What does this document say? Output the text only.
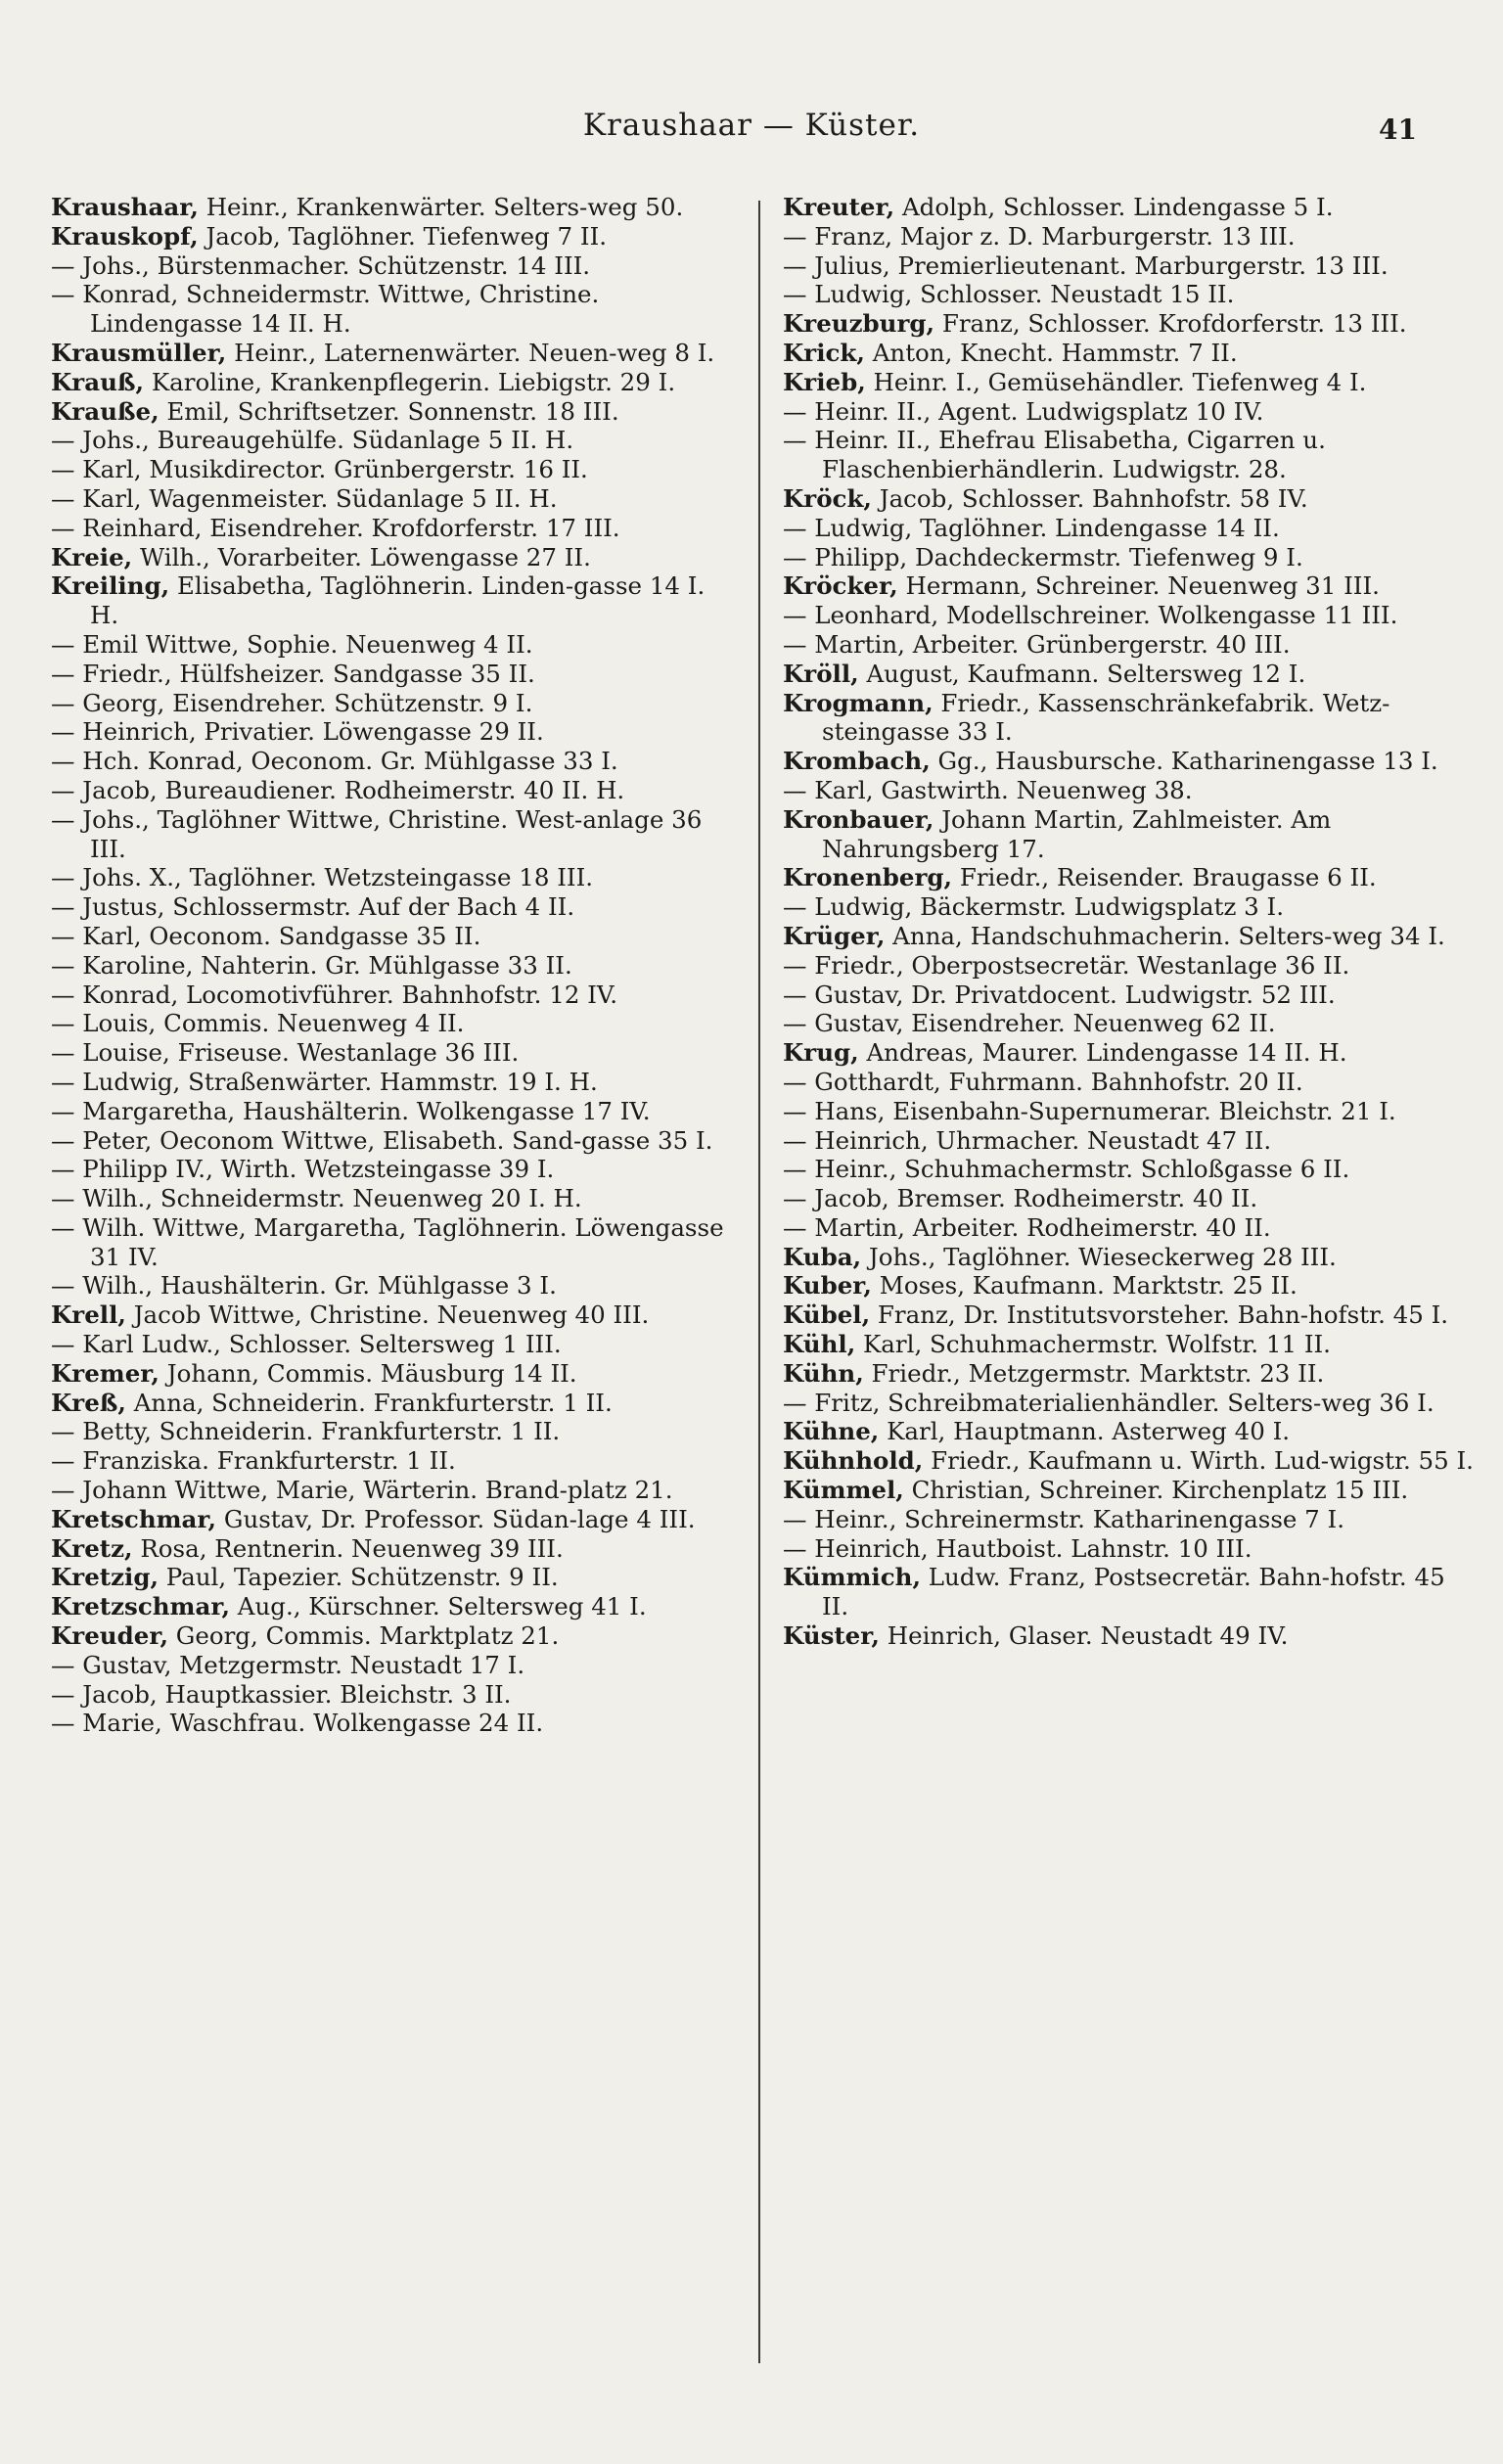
Kraushaar — Küster.	41

Kraushaar, Heinr., Krankenwärter. Selters-weg 50.

Krauskopf, Jacob, Taglöhner. Tiefenweg 7 II.

— Johs., Bürstenmacher. Schützenstr. 14 III.

— Konrad, Schneidermstr. Wittwe, Christine. Lindengasse 14 II. H.

Krausmüller, Heinr., Laternenwärter. Neuen-weg 8 I.

Krauß, Karoline, Krankenpflegerin. Liebigstr. 29 I.

Krauße, Emil, Schriftsetzer. Sonnenstr. 18 III.

— Johs., Bureaugehülfe. Südanlage 5 II. H.

— Karl, Musikdirector. Grünbergerstr. 16 II.

— Karl, Wagenmeister. Südanlage 5 II. H.

— Reinhard, Eisendreher. Krofdorferstr. 17 III.

Kreie, Wilh., Vorarbeiter. Löwengasse 27 II.

Kreiling, Elisabetha, Taglöhnerin. Linden-gasse 14 I. H.

— Emil Wittwe, Sophie. Neuenweg 4 II.

— Friedr., Hülfsheizer. Sandgasse 35 II.

— Georg, Eisendreher. Schützenstr. 9 I.

— Heinrich, Privatier. Löwengasse 29 II.

— Hch. Konrad, Oeconom. Gr. Mühlgasse 33 I.

— Jacob, Bureaudiener. Rodheimerstr. 40 II. H.

— Johs., Taglöhner Wittwe, Christine. West-anlage 36 III.

— Johs. X., Taglöhner. Wetzsteingasse 18 III.

— Justus, Schlossermstr. Auf der Bach 4 II.

— Karl, Oeconom. Sandgasse 35 II.

— Karoline, Nahterin. Gr. Mühlgasse 33 II.

— Konrad, Locomotivführer. Bahnhofstr. 12 IV.

— Louis, Commis. Neuenweg 4 II.

— Louise, Friseuse. Westanlage 36 III.

— Ludwig, Straßenwärter. Hammstr. 19 I. H.

— Margaretha, Haushälterin. Wolkengasse 17 IV.

— Peter, Oeconom Wittwe, Elisabeth. Sand-gasse 35 I.

— Philipp IV., Wirth. Wetzsteingasse 39 I.

— Wilh., Schneidermstr. Neuenweg 20 I. H.

— Wilh. Wittwe, Margaretha, Taglöhnerin. Löwengasse 31 IV.

— Wilh., Haushälterin. Gr. Mühlgasse 3 I.

Krell, Jacob Wittwe, Christine. Neuenweg 40 III.

— Karl Ludw., Schlosser. Seltersweg 1 III.

Kremer, Johann, Commis. Mäusburg 14 II.

Kreß, Anna, Schneiderin. Frankfurterstr. 1 II.

— Betty, Schneiderin. Frankfurterstr. 1 II.

— Franziska. Frankfurterstr. 1 II.

— Johann Wittwe, Marie, Wärterin. Brand-platz 21.

Kretschmar, Gustav, Dr. Professor. Südan-lage 4 III.

Kretz, Rosa, Rentnerin. Neuenweg 39 III.

Kretzig, Paul, Tapezier. Schützenstr. 9 II.

Kretzschmar, Aug., Kürschner. Seltersweg 41 I.

Kreuder, Georg, Commis. Marktplatz 21.

— Gustav, Metzgermstr. Neustadt 17 I.

— Jacob, Hauptkassier. Bleichstr. 3 II.

— Marie, Waschfrau. Wolkengasse 24 II.

Kreuter, Adolph, Schlosser. Lindengasse 5 I.

— Franz, Major z. D. Marburgerstr. 13 III.

— Julius, Premierlieutenant. Marburgerstr. 13 III.

— Ludwig, Schlosser. Neustadt 15 II.

Kreuzburg, Franz, Schlosser. Krofdorferstr. 13 III.

Krick, Anton, Knecht. Hammstr. 7 II.

Krieb, Heinr. I., Gemüsehändler. Tiefenweg 4 I.

— Heinr. II., Agent. Ludwigsplatz 10 IV.

— Heinr. II., Ehefrau Elisabetha, Cigarren u. Flaschenbierhändlerin. Ludwigstr. 28.

Kröck, Jacob, Schlosser. Bahnhofstr. 58 IV.

— Ludwig, Taglöhner. Lindengasse 14 II.

— Philipp, Dachdeckermstr. Tiefenweg 9 I.

Kröcker, Hermann, Schreiner. Neuenweg 31 III.

— Leonhard, Modellschreiner. Wolkengasse 11 III.

— Martin, Arbeiter. Grünbergerstr. 40 III.

Kröll, August, Kaufmann. Seltersweg 12 I.

Krogmann, Friedr., Kassenschränkefabrik. Wetz-steingasse 33 I.

Krombach, Gg., Hausbursche. Katharinengasse 13 I.

— Karl, Gastwirth. Neuenweg 38.

Kronbauer, Johann Martin, Zahlmeister. Am Nahrungsberg 17.

Kronenberg, Friedr., Reisender. Braugasse 6 II.

— Ludwig, Bäckermstr. Ludwigsplatz 3 I.

Krüger, Anna, Handschuhmacherin. Selters-weg 34 I.

— Friedr., Oberpostsecretär. Westanlage 36 II.

— Gustav, Dr. Privatdocent. Ludwigstr. 52 III.

— Gustav, Eisendreher. Neuenweg 62 II.

Krug, Andreas, Maurer. Lindengasse 14 II. H.

— Gotthardt, Fuhrmann. Bahnhofstr. 20 II.

— Hans, Eisenbahn-Supernumerar. Bleichstr. 21 I.

— Heinrich, Uhrmacher. Neustadt 47 II.

— Heinr., Schuhmachermstr. Schloßgasse 6 II.

— Jacob, Bremser. Rodheimerstr. 40 II.

— Martin, Arbeiter. Rodheimerstr. 40 II.

Kuba, Johs., Taglöhner. Wieseckerweg 28 III.

Kuber, Moses, Kaufmann. Marktstr. 25 II.

Kübel, Franz, Dr. Institutsvorsteher. Bahn-hofstr. 45 I.

Kühl, Karl, Schuhmachermstr. Wolfstr. 11 II.

Kühn, Friedr., Metzgermstr. Marktstr. 23 II.

— Fritz, Schreibmaterialienhändler. Selters-weg 36 I.

Kühne, Karl, Hauptmann. Asterweg 40 I.

Kühnhold, Friedr., Kaufmann u. Wirth. Lud-wigstr. 55 I.

Kümmel, Christian, Schreiner. Kirchenplatz 15 III.

— Heinr., Schreinermstr. Katharinengasse 7 I.

— Heinrich, Hautboist. Lahnstr. 10 III.

Kümmich, Ludw. Franz, Postsecretär. Bahn-hofstr. 45 II.

Küster, Heinrich, Glaser. Neustadt 49 IV.
